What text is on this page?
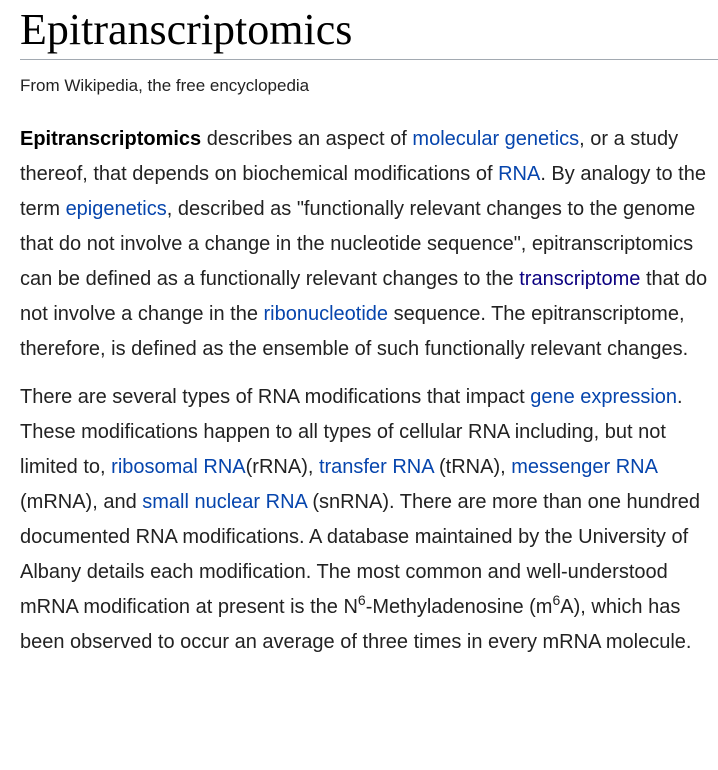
Epitranscriptomics
From Wikipedia, the free encyclopedia

Epitranscriptomics describes an aspect of molecular genetics, or a study thereof, that depends on biochemical modifications of RNA. By analogy to the term epigenetics, described as "functionally relevant changes to the genome that do not involve a change in the nucleotide sequence", epitranscriptomics can be defined as a functionally relevant changes to the transcriptome that do not involve a change in the ribonucleotide sequence. The epitranscriptome, therefore, is defined as the ensemble of such functionally relevant changes.

There are several types of RNA modifications that impact gene expression. These modifications happen to all types of cellular RNA including, but not limited to, ribosomal RNA(rRNA), transfer RNA (tRNA), messenger RNA (mRNA), and small nuclear RNA (snRNA). There are more than one hundred documented RNA modifications. A database maintained by the University of Albany details each modification. The most common and well-understood mRNA modification at present is the $N^6$-Methyladenosine $(m^6A)$, which has been observed to occur an average of three times in every mRNA molecule.
